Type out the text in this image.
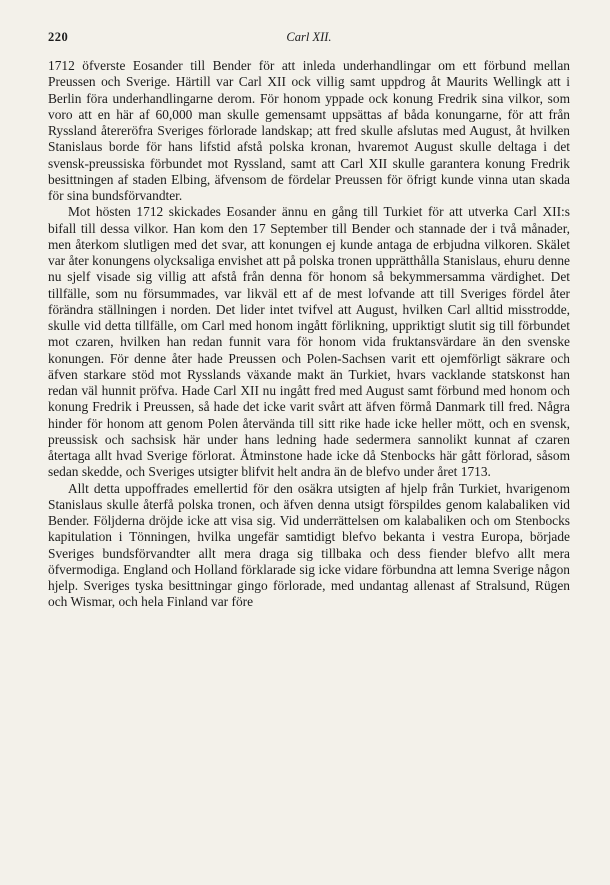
220	Carl XII.

1712 öfverste Eosander till Bender för att inleda underhandlingar om ett förbund mellan Preussen och Sverige. Härtill var Carl XII ock villig samt uppdrog åt Maurits Wellingk att i Berlin föra underhandlingarne derom. För honom yppade ock konung Fredrik sina vilkor, som voro att en här af 60,000 man skulle gemensamt uppsättas af båda konungarne, för att från Ryssland återeröfra Sveriges förlorade landskap; att fred skulle afslutas med August, åt hvilken Stanislaus borde för hans lifstid afstå polska kronan, hvaremot August skulle deltaga i det svensk-preussiska förbundet mot Ryssland, samt att Carl XII skulle garantera konung Fredrik besittningen af staden Elbing, äfvensom de fördelar Preussen för öfrigt kunde vinna utan skada för sina bundsförvandter.

Mot hösten 1712 skickades Eosander ännu en gång till Turkiet för att utverka Carl XII:s bifall till dessa vilkor. Han kom den 17 September till Bender och stannade der i två månader, men återkom slutligen med det svar, att konungen ej kunde antaga de erbjudna vilkoren. Skälet var åter konungens olycksaliga envishet att på polska tronen upprätthålla Stanislaus, ehuru denne nu sjelf visade sig villig att afstå från denna för honom så bekymmersamma värdighet. Det tillfälle, som nu försummades, var likväl ett af de mest lofvande att till Sveriges fördel åter förändra ställningen i norden. Det lider intet tvifvel att August, hvilken Carl alltid misstrodde, skulle vid detta tillfälle, om Carl med honom ingått förlikning, uppriktigt slutit sig till förbundet mot czaren, hvilken han redan funnit vara för honom vida fruktansvärdare än den svenske konungen. För denne åter hade Preussen och Polen-Sachsen varit ett ojemförligt säkrare och äfven starkare stöd mot Rysslands växande makt än Turkiet, hvars vacklande statskonst han redan väl hunnit pröfva. Hade Carl XII nu ingått fred med August samt förbund med honom och konung Fredrik i Preussen, så hade det icke varit svårt att äfven förmå Danmark till fred. Några hinder för honom att genom Polen återvända till sitt rike hade icke heller mött, och en svensk, preussisk och sachsisk här under hans ledning hade sedermera sannolikt kunnat af czaren återtaga allt hvad Sverige förlorat. Åtminstone hade icke då Stenbocks här gått förlorad, såsom sedan skedde, och Sveriges utsigter blifvit helt andra än de blefvo under året 1713.

Allt detta uppoffrades emellertid för den osäkra utsigten af hjelp från Turkiet, hvarigenom Stanislaus skulle återfå polska tronen, och äfven denna utsigt förspildes genom kalabaliken vid Bender. Följderna dröjde icke att visa sig. Vid underrättelsen om kalabaliken och om Stenbocks kapitulation i Tönningen, hvilka ungefär samtidigt blefvo bekanta i vestra Europa, började Sveriges bundsförvandter allt mera draga sig tillbaka och dess fiender blefvo allt mera öfvermodiga. England och Holland förklarade sig icke vidare förbundna att lemna Sverige någon hjelp. Sveriges tyska besittningar gingo förlorade, med undantag allenast af Stralsund, Rügen och Wismar, och hela Finland var före
